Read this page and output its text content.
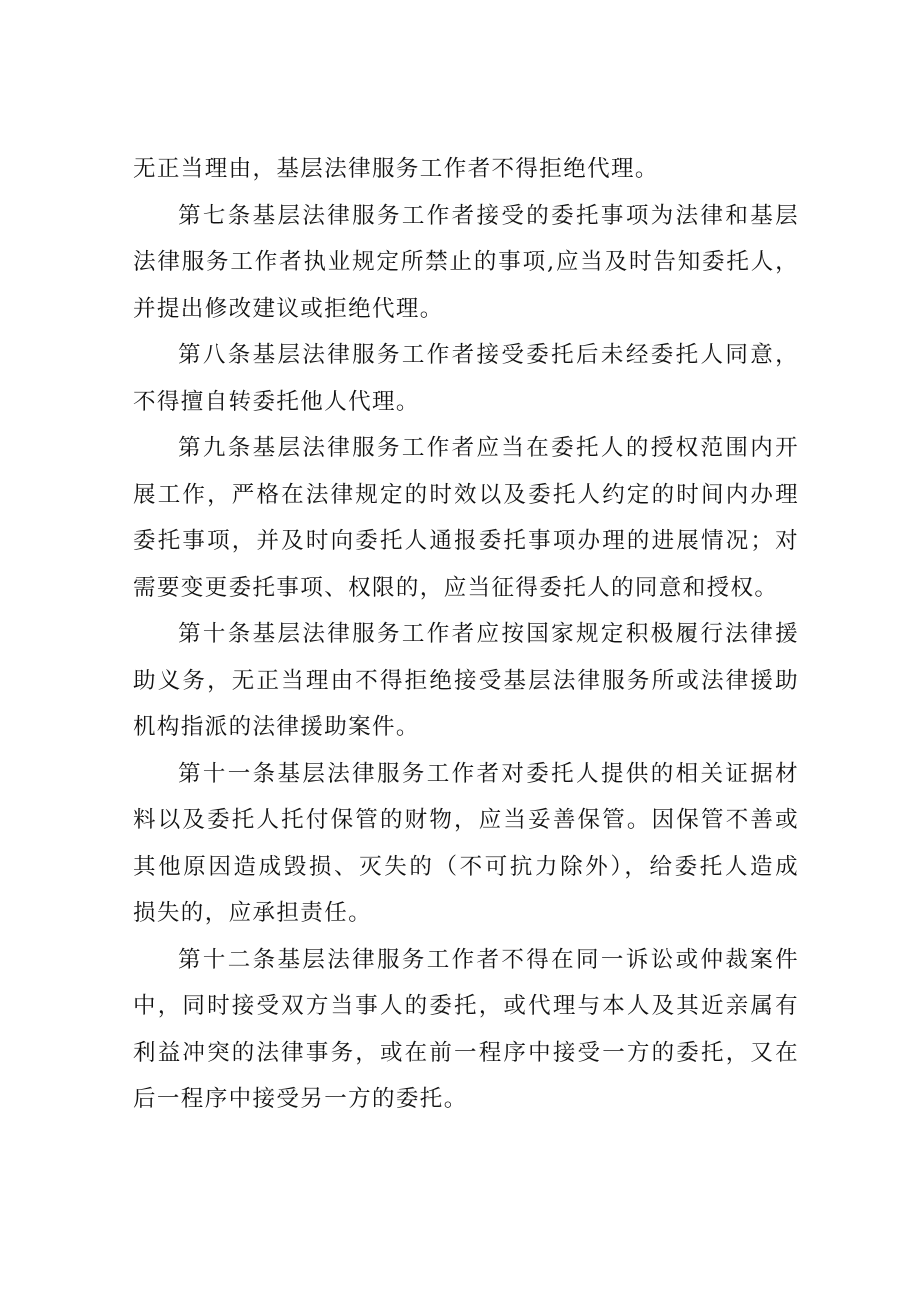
无正当理由，基层法律服务工作者不得拒绝代理。

第七条基层法律服务工作者接受的委托事项为法律和基层 法律服务工作者执业规定所禁止的事项,应当及时告知委托人，并提出修改建议或拒绝代理。

第八条基层法律服务工作者接受委托后未经委托人同意， 不得擅自转委托他人代理。

第九条基层法律服务工作者应当在委托人的授权范围内开 展工作，严格在法律规定的时效以及委托人约定的时间内办理 委托事项，并及时向委托人通报委托事项办理的进展情况；对 需要变更委托事项、权限的，应当征得委托人的同意和授权。

第十条基层法律服务工作者应按国家规定积极履行法律援 助义务，无正当理由不得拒绝接受基层法律服务所或法律援助 机构指派的法律援助案件。

第十一条基层法律服务工作者对委托人提供的相关证据材 料以及委托人托付保管的财物，应当妥善保管。因保管不善或 其他原因造成毁损、灭失的（不可抗力除外），给委托人造成 损失的，应承担责任。

第十二条基层法律服务工作者不得在同一诉讼或仲裁案件 中，同时接受双方当事人的委托，或代理与本人及其近亲属有 利益冲突的法律事务，或在前一程序中接受一方的委托，又在 后一程序中接受另一方的委托。
